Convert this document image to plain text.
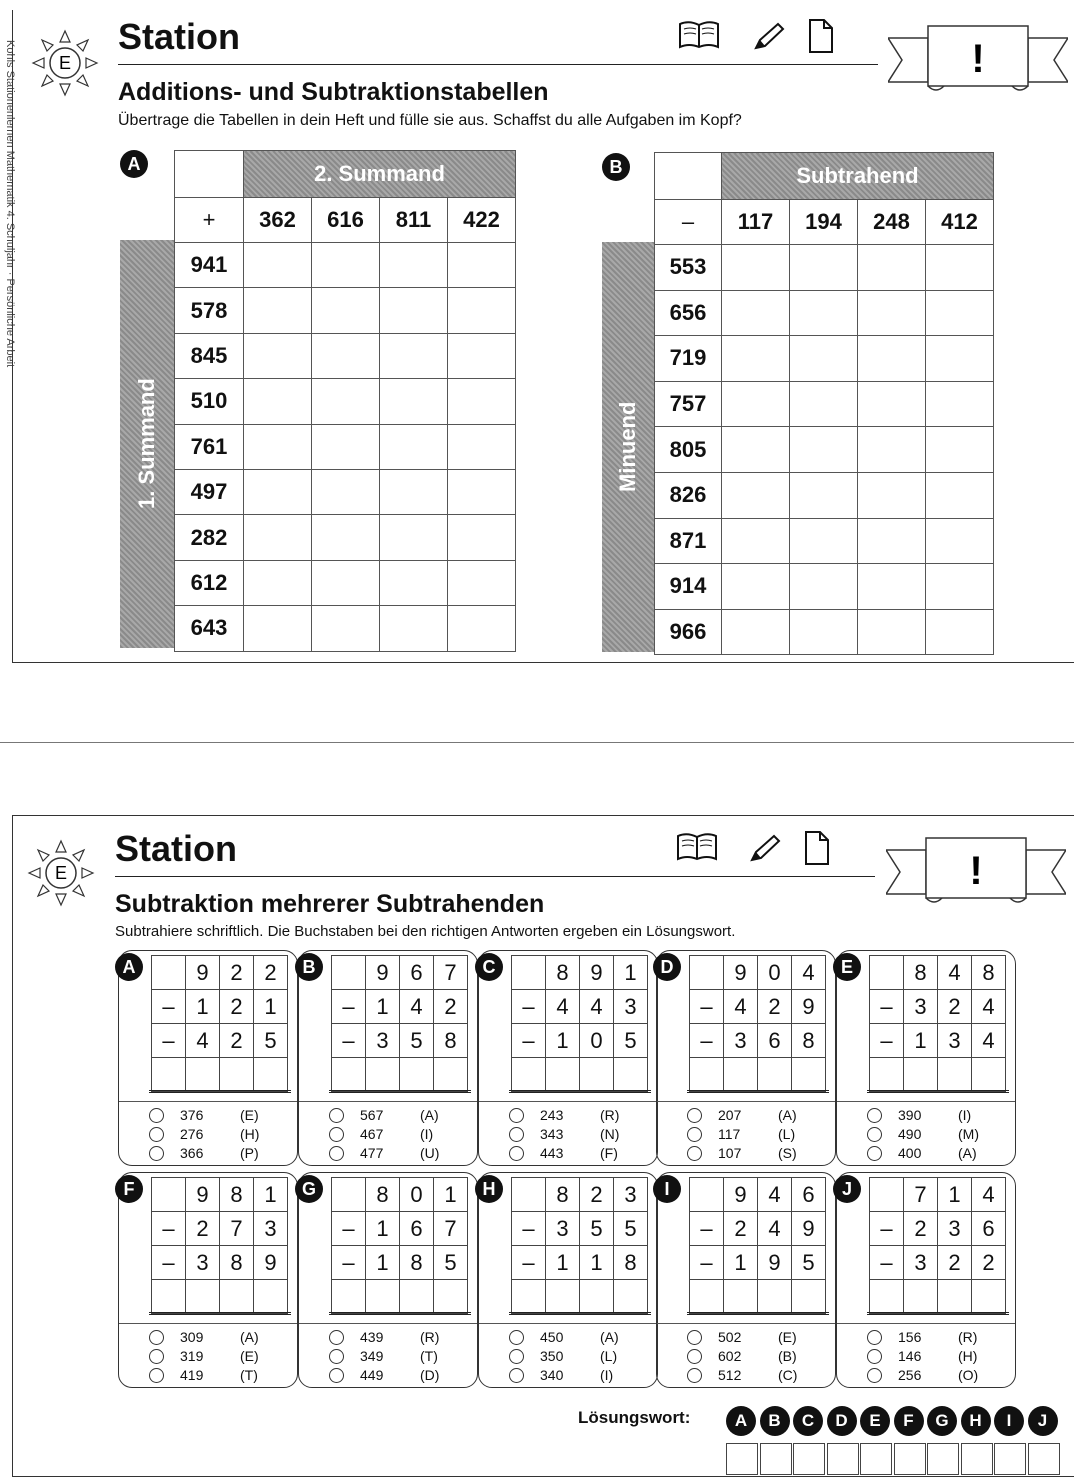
Kohls Stationenlernen Mathematik 4. Schuljahr · Persönliche Arbeit E
Station
!
Additions- und Subtraktionstabellen
Übertrage die Tabellen in dein Heft und fülle sie aus. Schaffst du alle Aufgaben im Kopf?
A
1. Summand
	2. Summand			
+	362	616	811	422
941				
578				
845				
510				
761				
497				
282				
612				
643				
B
Minuend
	Subtrahend			
–	117	194	248	412
553				
656				
719				
757				
805				
826				
871				
914				
966				
E
Station
!
Subtraktion mehrerer Subtrahenden
Subtrahiere schriftlich. Die Buchstaben bei den richtigen Antworten ergeben ein Lösungswort.
A
		9	2	2
–	1	2	1
–	4	2	5

376	(E)
276	(H)
366	(P)
B
		9	6	7
–	1	4	2
–	3	5	8

567	(A)
467	(I)
477	(U)
C
		8	9	1
–	4	4	3
–	1	0	5

243	(R)
343	(N)
443	(F)
D
		9	0	4
–	4	2	9
–	3	6	8

207	(A)
117	(L)
107	(S)
E
		8	4	8
–	3	2	4
–	1	3	4

390	(I)
490	(M)
400	(A)
F
		9	8	1
–	2	7	3
–	3	8	9

309	(A)
319	(E)
419	(T)
G
		8	0	1
–	1	6	7
–	1	8	5

439	(R)
349	(T)
449	(D)
H
		8	2	3
–	3	5	5
–	1	1	8

450	(A)
350	(L)
340	(I)
I
		9	4	6
–	2	4	9
–	1	9	5

502	(E)
602	(B)
512	(C)
J
		7	1	4
–	2	3	6
–	3	2	2

156	(R)
146	(H)
256	(O)
Lösungswort:	A	B	C	D	E	F	G	H	I	J
